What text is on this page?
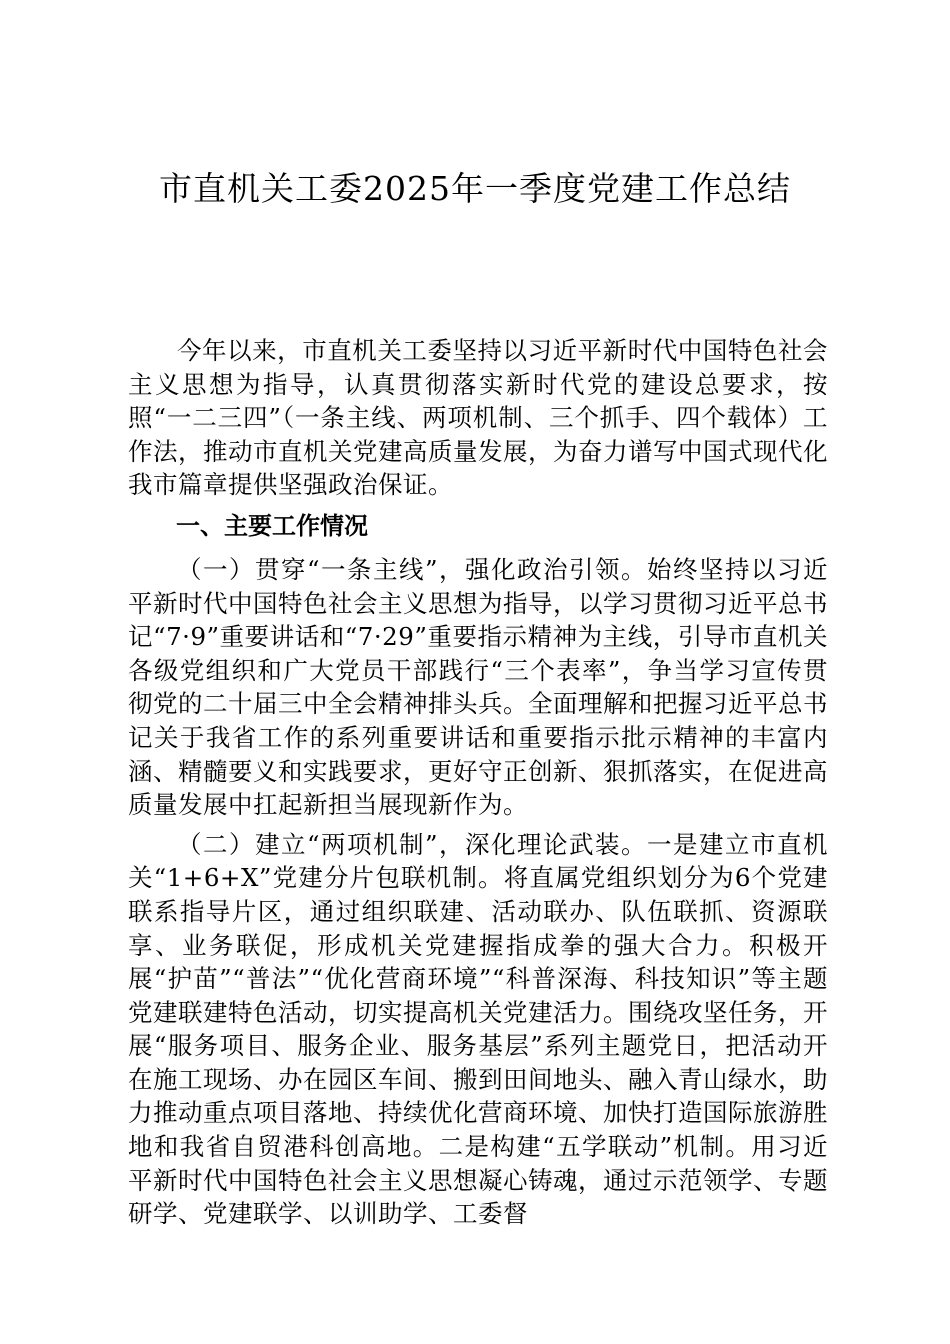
市直机关工委2025年一季度党建工作总结

今年以来，市直机关工委坚持以习近平新时代中国特色社会主义思想为指导，认真贯彻落实新时代党的建设总要求，按照“一二三四”（一条主线、两项机制、三个抓手、四个载体）工作法，推动市直机关党建高质量发展，为奋力谱写中国式现代化我市篇章提供坚强政治保证。

一、主要工作情况

（一）贯穿“一条主线”，强化政治引领。始终坚持以习近平新时代中国特色社会主义思想为指导，以学习贯彻习近平总书记“7·9”重要讲话和“7·29”重要指示精神为主线，引导市直机关各级党组织和广大党员干部践行“三个表率”，争当学习宣传贯彻党的二十届三中全会精神排头兵。全面理解和把握习近平总书记关于我省工作的系列重要讲话和重要指示批示精神的丰富内涵、精髓要义和实践要求，更好守正创新、狠抓落实，在促进高质量发展中扛起新担当展现新作为。

（二）建立“两项机制”，深化理论武装。一是建立市直机关“1+6+X”党建分片包联机制。将直属党组织划分为6个党建联系指导片区，通过组织联建、活动联办、队伍联抓、资源联享、业务联促，形成机关党建握指成拳的强大合力。积极开展“护苗”“普法”“优化营商环境”“科普深海、科技知识”等主题党建联建特色活动，切实提高机关党建活力。围绕攻坚任务，开展“服务项目、服务企业、服务基层”系列主题党日，把活动开在施工现场、办在园区车间、搬到田间地头、融入青山绿水，助力推动重点项目落地、持续优化营商环境、加快打造国际旅游胜地和我省自贸港科创高地。二是构建“五学联动”机制。用习近平新时代中国特色社会主义思想凝心铸魂，通过示范领学、专题研学、党建联学、以训助学、工委督
